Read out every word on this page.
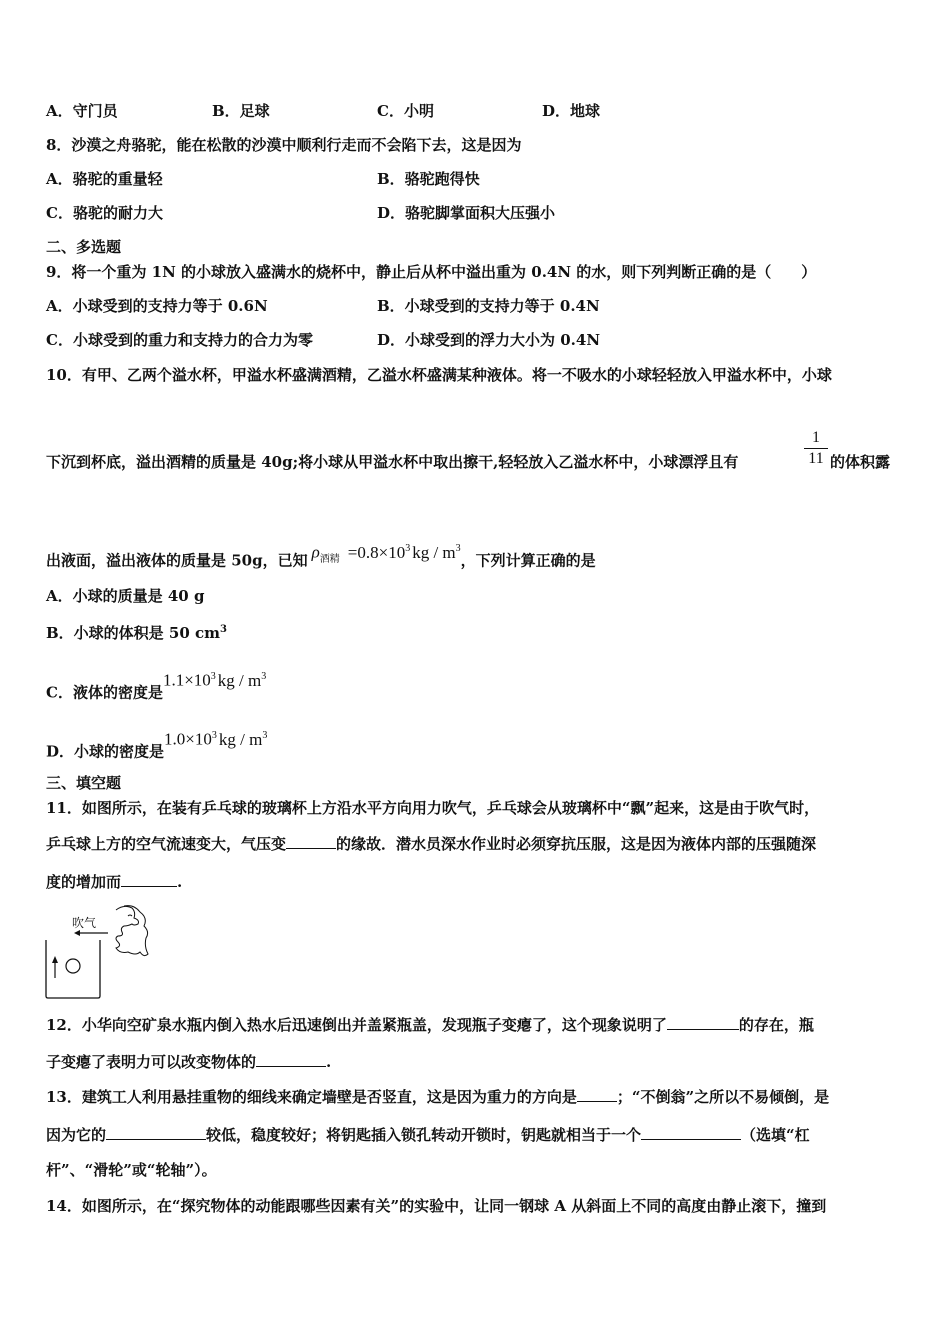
A．守门员	B．足球	C．小明	D．地球
8．沙漠之舟骆驼，能在松散的沙漠中顺利行走而不会陷下去，这是因为
A．骆驼的重量轻	B．骆驼跑得快
C．骆驼的耐力大	D．骆驼脚掌面积大压强小
二、多选题
9．将一个重为 1N 的小球放入盛满水的烧杯中，静止后从杯中溢出重为 0.4N 的水，则下列判断正确的是（　　）
A．小球受到的支持力等于 0.6N	B．小球受到的支持力等于 0.4N
C．小球受到的重力和支持力的合力为零	D．小球受到的浮力大小为 0.4N
10．有甲、乙两个溢水杯，甲溢水杯盛满酒精，乙溢水杯盛满某种液体。将一不吸水的小球轻轻放入甲溢水杯中，小球
下沉到杯底，溢出酒精的质量是 40g;将小球从甲溢水杯中取出擦干,轻轻放入乙溢水杯中，小球漂浮且有	$\frac{1}{11}$ 的体积露
出液面，溢出液体的质量是 50g，已知 $\rho_{酒精} =0.8\times 10^3$ kg / $m^3$，下列计算正确的是
A．小球的质量是 40 g
B．小球的体积是 50 $cm^3$
C．液体的密度是$1.1\times 10^3$ kg / $m^3$
D．小球的密度是$1.0\times 10^3$ kg / $m^3$
三、填空题
11．如图所示，在装有乒乓球的玻璃杯上方沿水平方向用力吹气，乒乓球会从玻璃杯中“飘”起来，这是由于吹气时，
乒乓球上方的空气流速变大，气压变	的缘故．潜水员深水作业时必须穿抗压服，这是因为液体内部的压强随深
度的增加而	.
吹气
12．小华向空矿泉水瓶内倒入热水后迅速倒出并盖紧瓶盖，发现瓶子变瘪了，这个现象说明了	的存在，瓶
子变瘪了表明力可以改变物体的	.
13．建筑工人利用悬挂重物的细线来确定墙壁是否竖直，这是因为重力的方向是	；“不倒翁”之所以不易倾倒，是
因为它的	较低，稳度较好；将钥匙插入锁孔转动开锁时，钥匙就相当于一个	（选填“杠
杆”、“滑轮”或“轮轴”）。
14．如图所示，在“探究物体的动能跟哪些因素有关”的实验中，让同一钢球 A 从斜面上不同的高度由静止滚下，撞到
